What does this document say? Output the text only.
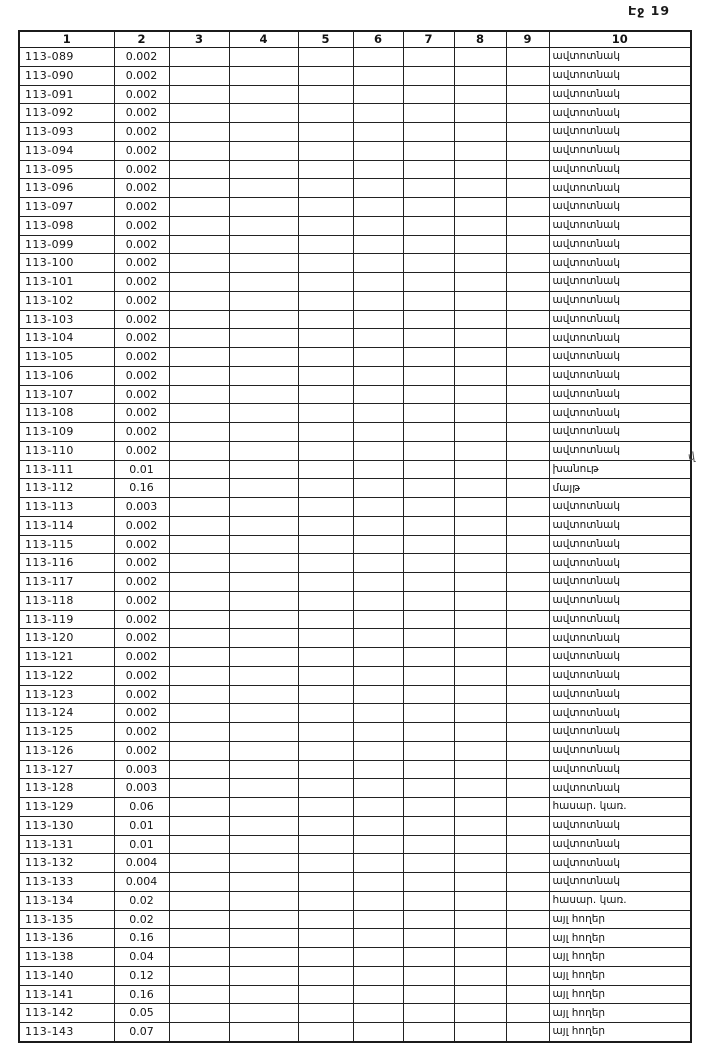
Էջ 19
1	2	3	4	5	6	7	8	9	10
113-089	0.002								ավտոտնակ
113-090	0.002								ավտոտնակ
113-091	0.002								ավտոտնակ
113-092	0.002								ավտոտնակ
113-093	0.002								ավտոտնակ
113-094	0.002								ավտոտնակ
113-095	0.002								ավտոտնակ
113-096	0.002								ավտոտնակ
113-097	0.002								ավտոտնակ
113-098	0.002								ավտոտնակ
113-099	0.002								ավտոտնակ
113-100	0.002								ավտոտնակ
113-101	0.002								ավտոտնակ
113-102	0.002								ավտոտնակ
113-103	0.002								ավտոտնակ
113-104	0.002								ավտոտնակ
113-105	0.002								ավտոտնակ
113-106	0.002								ավտոտնակ
113-107	0.002								ավտոտնակ
113-108	0.002								ավտոտնակ
113-109	0.002								ավտոտնակ
113-110	0.002								ավտոտնակ
113-111	0.01								խանութ
113-112	0.16								մայթ
113-113	0.003								ավտոտնակ
113-114	0.002								ավտոտնակ
113-115	0.002								ավտոտնակ
113-116	0.002								ավտոտնակ
113-117	0.002								ավտոտնակ
113-118	0.002								ավտոտնակ
113-119	0.002								ավտոտնակ
113-120	0.002								ավտոտնակ
113-121	0.002								ավտոտնակ
113-122	0.002								ավտոտնակ
113-123	0.002								ավտոտնակ
113-124	0.002								ավտոտնակ
113-125	0.002								ավտոտնակ
113-126	0.002								ավտոտնակ
113-127	0.003								ավտոտնակ
113-128	0.003								ավտոտնակ
113-129	0.06								հասար. կառ.
113-130	0.01								ավտոտնակ
113-131	0.01								ավտոտնակ
113-132	0.004								ավտոտնակ
113-133	0.004								ավտոտնակ
113-134	0.02								հասար. կառ.
113-135	0.02								այլ հողեր
113-136	0.16								այլ հողեր
113-138	0.04								այլ հողեր
113-140	0.12								այլ հողեր
113-141	0.16								այլ հողեր
113-142	0.05								այլ հողեր
113-143	0.07								այլ հողեր
վ
